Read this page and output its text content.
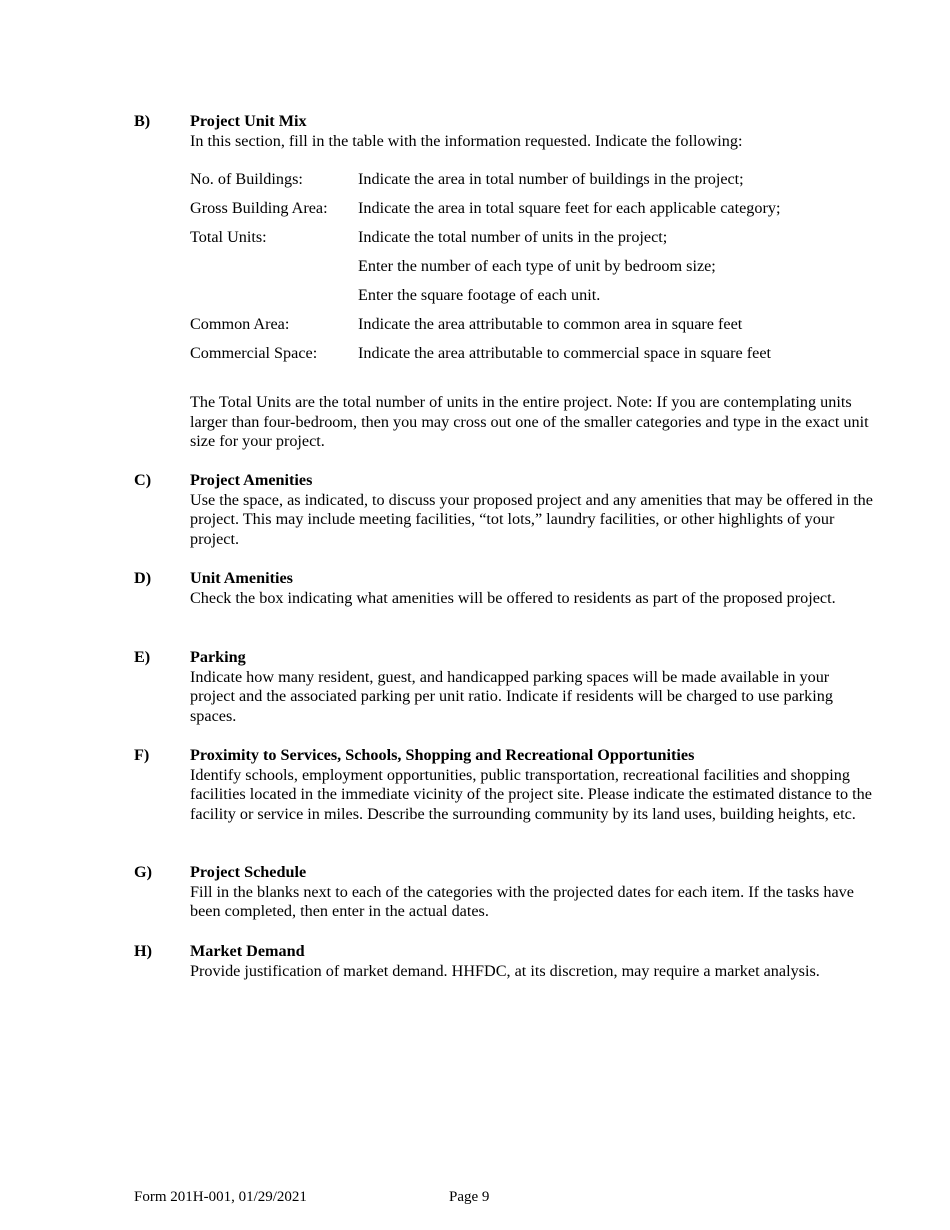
B) Project Unit Mix

In this section, fill in the table with the information requested. Indicate the following:

No. of Buildings:	Indicate the area in total number of buildings in the project;
Gross Building Area:	Indicate the area in total square feet for each applicable category;
Total Units:	Indicate the total number of units in the project;
	Enter the number of each type of unit by bedroom size;
	Enter the square footage of each unit.
Common Area:	Indicate the area attributable to common area in square feet
Commercial Space:	Indicate the area attributable to commercial space in square feet

The Total Units are the total number of units in the entire project. Note: If you are contemplating units larger than four-bedroom, then you may cross out one of the smaller categories and type in the exact unit size for your project.

C) Project Amenities

Use the space, as indicated, to discuss your proposed project and any amenities that may be offered in the project. This may include meeting facilities, “tot lots,” laundry facilities, or other highlights of your project.

D) Unit Amenities

Check the box indicating what amenities will be offered to residents as part of the proposed project.

E) Parking

Indicate how many resident, guest, and handicapped parking spaces will be made available in your project and the associated parking per unit ratio. Indicate if residents will be charged to use parking spaces.

F)	Proximity to Services, Schools, Shopping and Recreational Opportunities

Identify schools, employment opportunities, public transportation, recreational facilities and shopping facilities located in the immediate vicinity of the project site. Please indicate the estimated distance to the facility or service in miles. Describe the surrounding community by its land uses, building heights, etc.

G) Project Schedule

Fill in the blanks next to each of the categories with the projected dates for each item. If the tasks have been completed, then enter in the actual dates.

H) Market Demand

Provide justification of market demand. HHFDC, at its discretion, may require a market analysis.

Form 201H-001, 01/29/2021	Page 9
